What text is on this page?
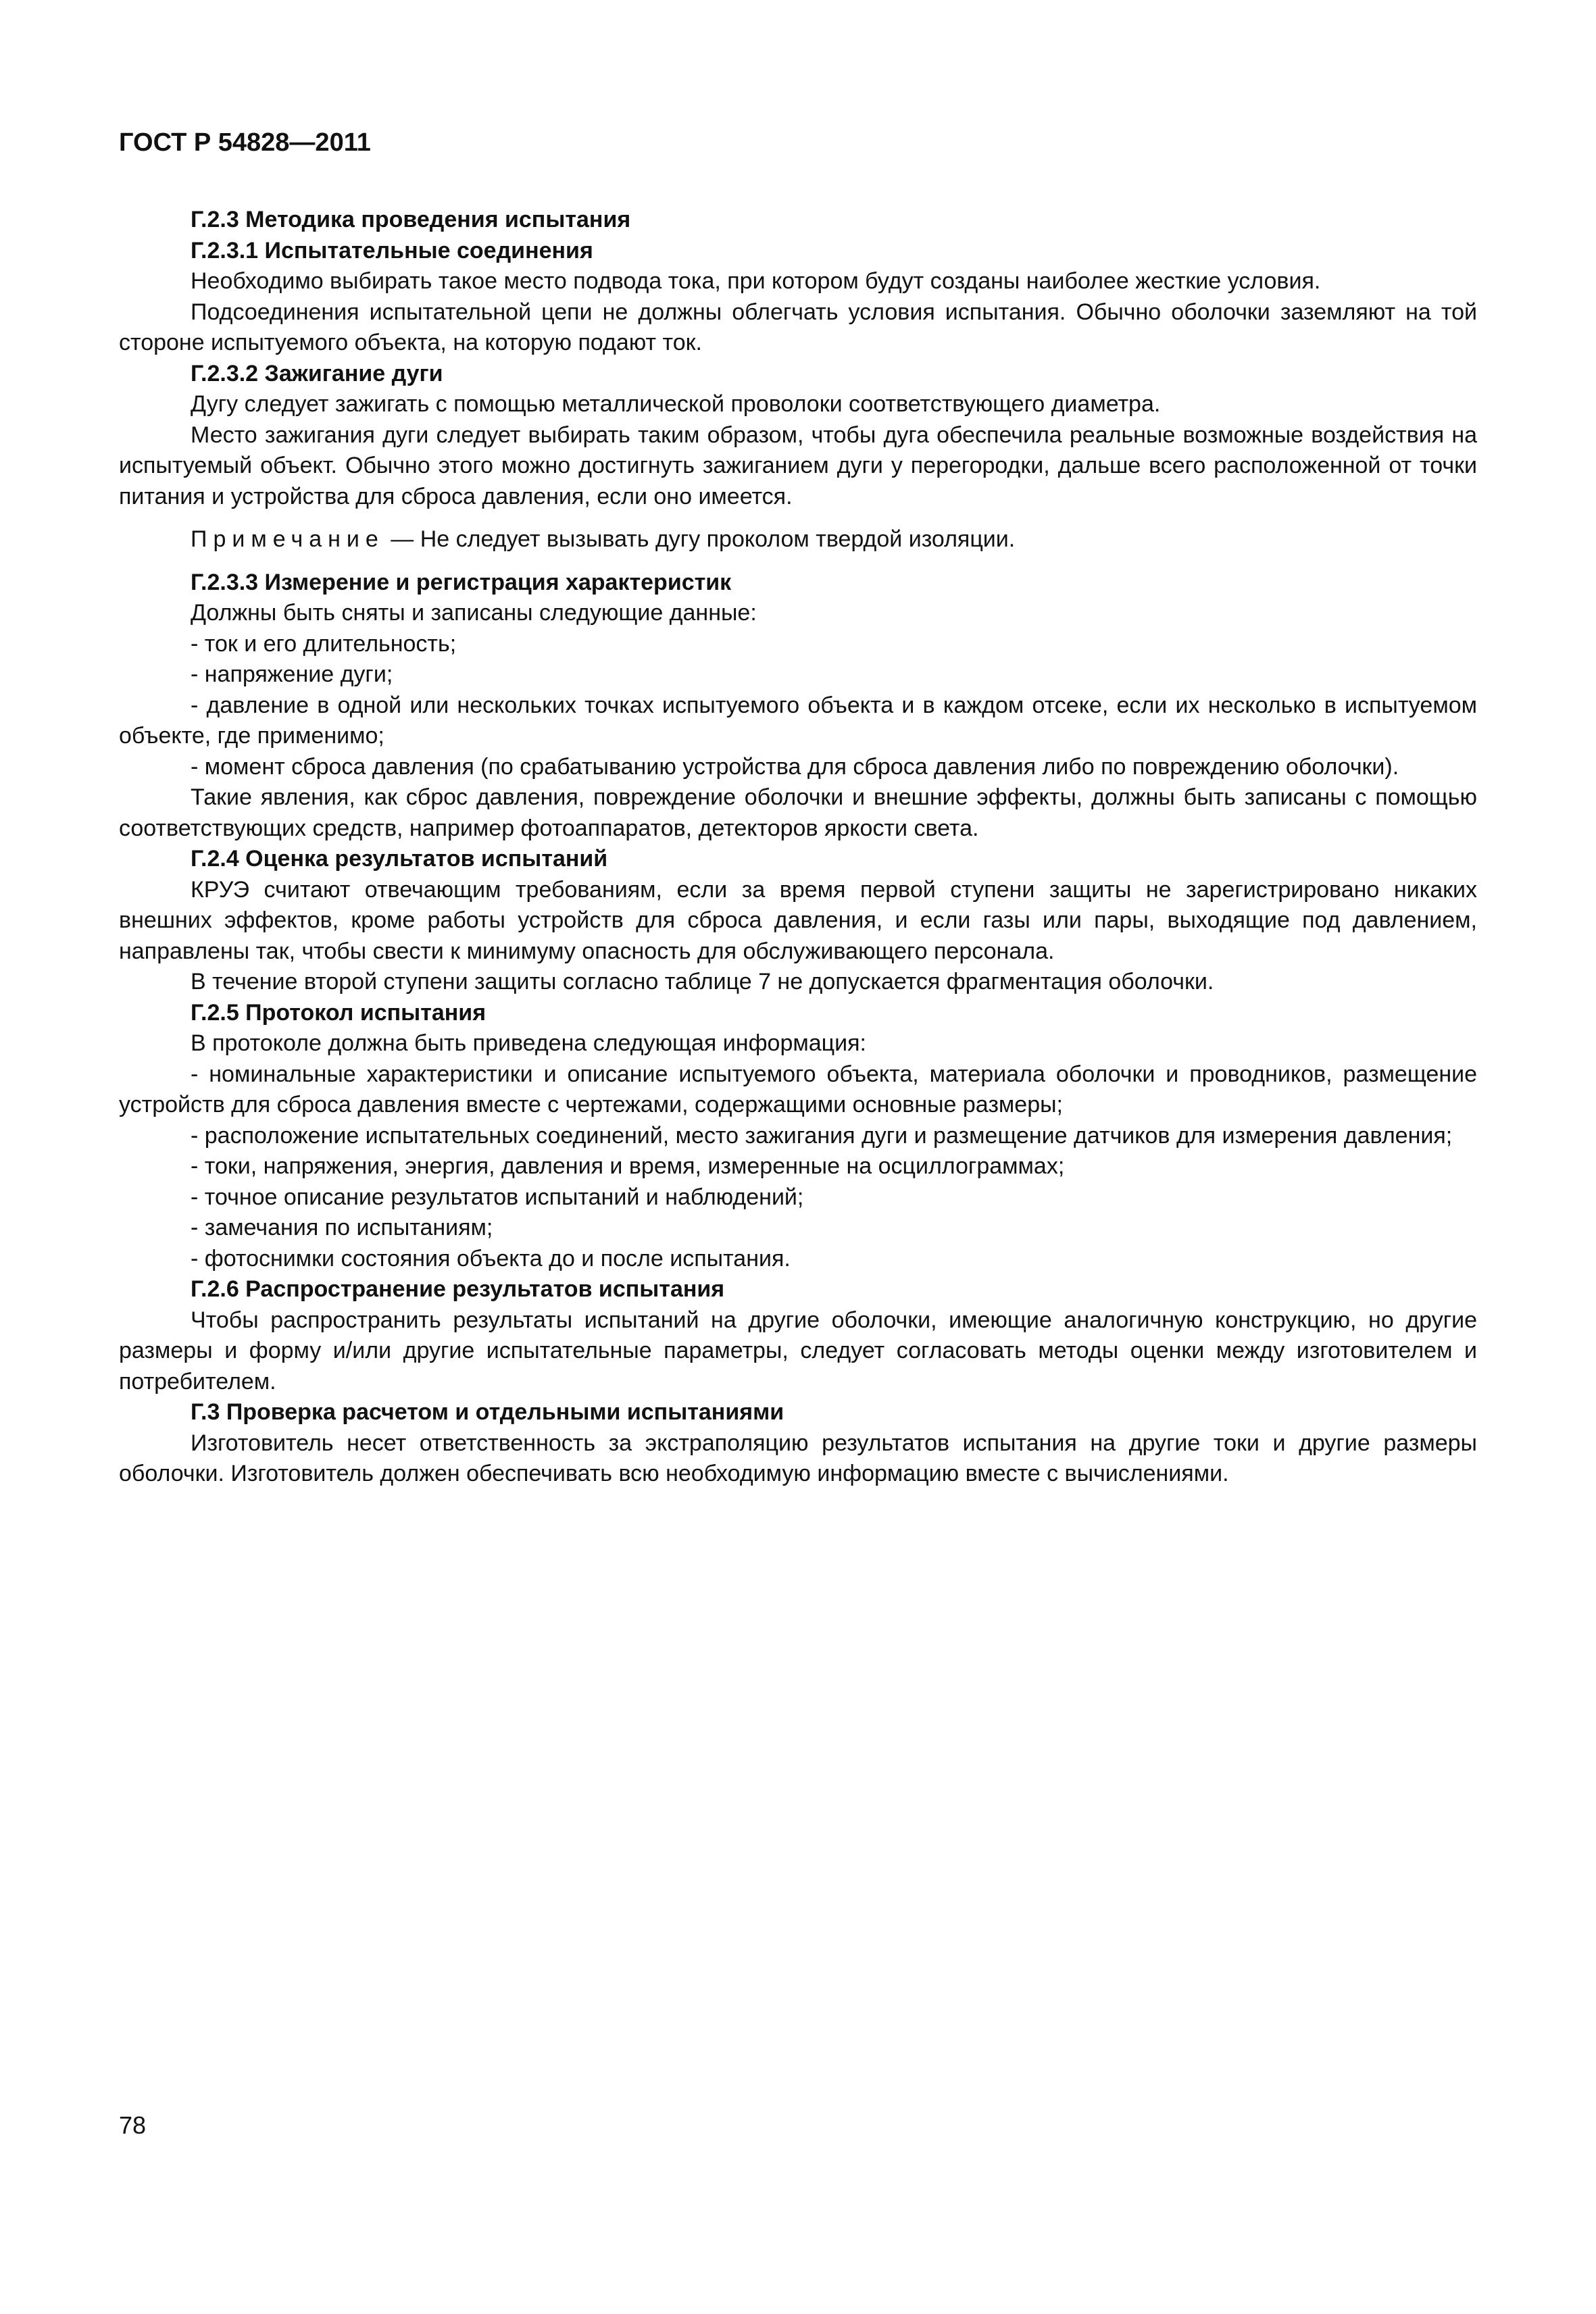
ГОСТ Р 54828—2011

Г.2.3 Методика проведения испытания

Г.2.3.1 Испытательные соединения

Необходимо выбирать такое место подвода тока, при котором будут созданы наиболее жесткие условия.

Подсоединения испытательной цепи не должны облегчать условия испытания. Обычно оболочки заземляют на той стороне испытуемого объекта, на которую подают ток.

Г.2.3.2 Зажигание дуги

Дугу следует зажигать с помощью металлической проволоки соответствующего диаметра.

Место зажигания дуги следует выбирать таким образом, чтобы дуга обеспечила реальные возможные воздействия на испытуемый объект. Обычно этого можно достигнуть зажиганием дуги у перегородки, дальше всего расположенной от точки питания и устройства для сброса давления, если оно имеется.

Примечание — Не следует вызывать дугу проколом твердой изоляции.

Г.2.3.3 Измерение и регистрация характеристик

Должны быть сняты и записаны следующие данные:

- ток и его длительность;

- напряжение дуги;

- давление в одной или нескольких точках испытуемого объекта и в каждом отсеке, если их несколько в испытуемом объекте, где применимо;

- момент сброса давления (по срабатыванию устройства для сброса давления либо по повреждению оболочки).

Такие явления, как сброс давления, повреждение оболочки и внешние эффекты, должны быть записаны с помощью соответствующих средств, например фотоаппаратов, детекторов яркости света.

Г.2.4 Оценка результатов испытаний

КРУЭ считают отвечающим требованиям, если за время первой ступени защиты не зарегистрировано никаких внешних эффектов, кроме работы устройств для сброса давления, и если газы или пары, выходящие под давлением, направлены так, чтобы свести к минимуму опасность для обслуживающего персонала.

В течение второй ступени защиты согласно таблице 7 не допускается фрагментация оболочки.

Г.2.5 Протокол испытания

В протоколе должна быть приведена следующая информация:

- номинальные характеристики и описание испытуемого объекта, материала оболочки и проводников, размещение устройств для сброса давления вместе с чертежами, содержащими основные размеры;

- расположение испытательных соединений, место зажигания дуги и размещение датчиков для измерения давления;

- токи, напряжения, энергия, давления и время, измеренные на осциллограммах;

- точное описание результатов испытаний и наблюдений;

- замечания по испытаниям;

- фотоснимки состояния объекта до и после испытания.

Г.2.6 Распространение результатов испытания

Чтобы распространить результаты испытаний на другие оболочки, имеющие аналогичную конструкцию, но другие размеры и форму и/или другие испытательные параметры, следует согласовать методы оценки между изготовителем и потребителем.

Г.3 Проверка расчетом и отдельными испытаниями

Изготовитель несет ответственность за экстраполяцию результатов испытания на другие токи и другие размеры оболочки. Изготовитель должен обеспечивать всю необходимую информацию вместе с вычислениями.

78
